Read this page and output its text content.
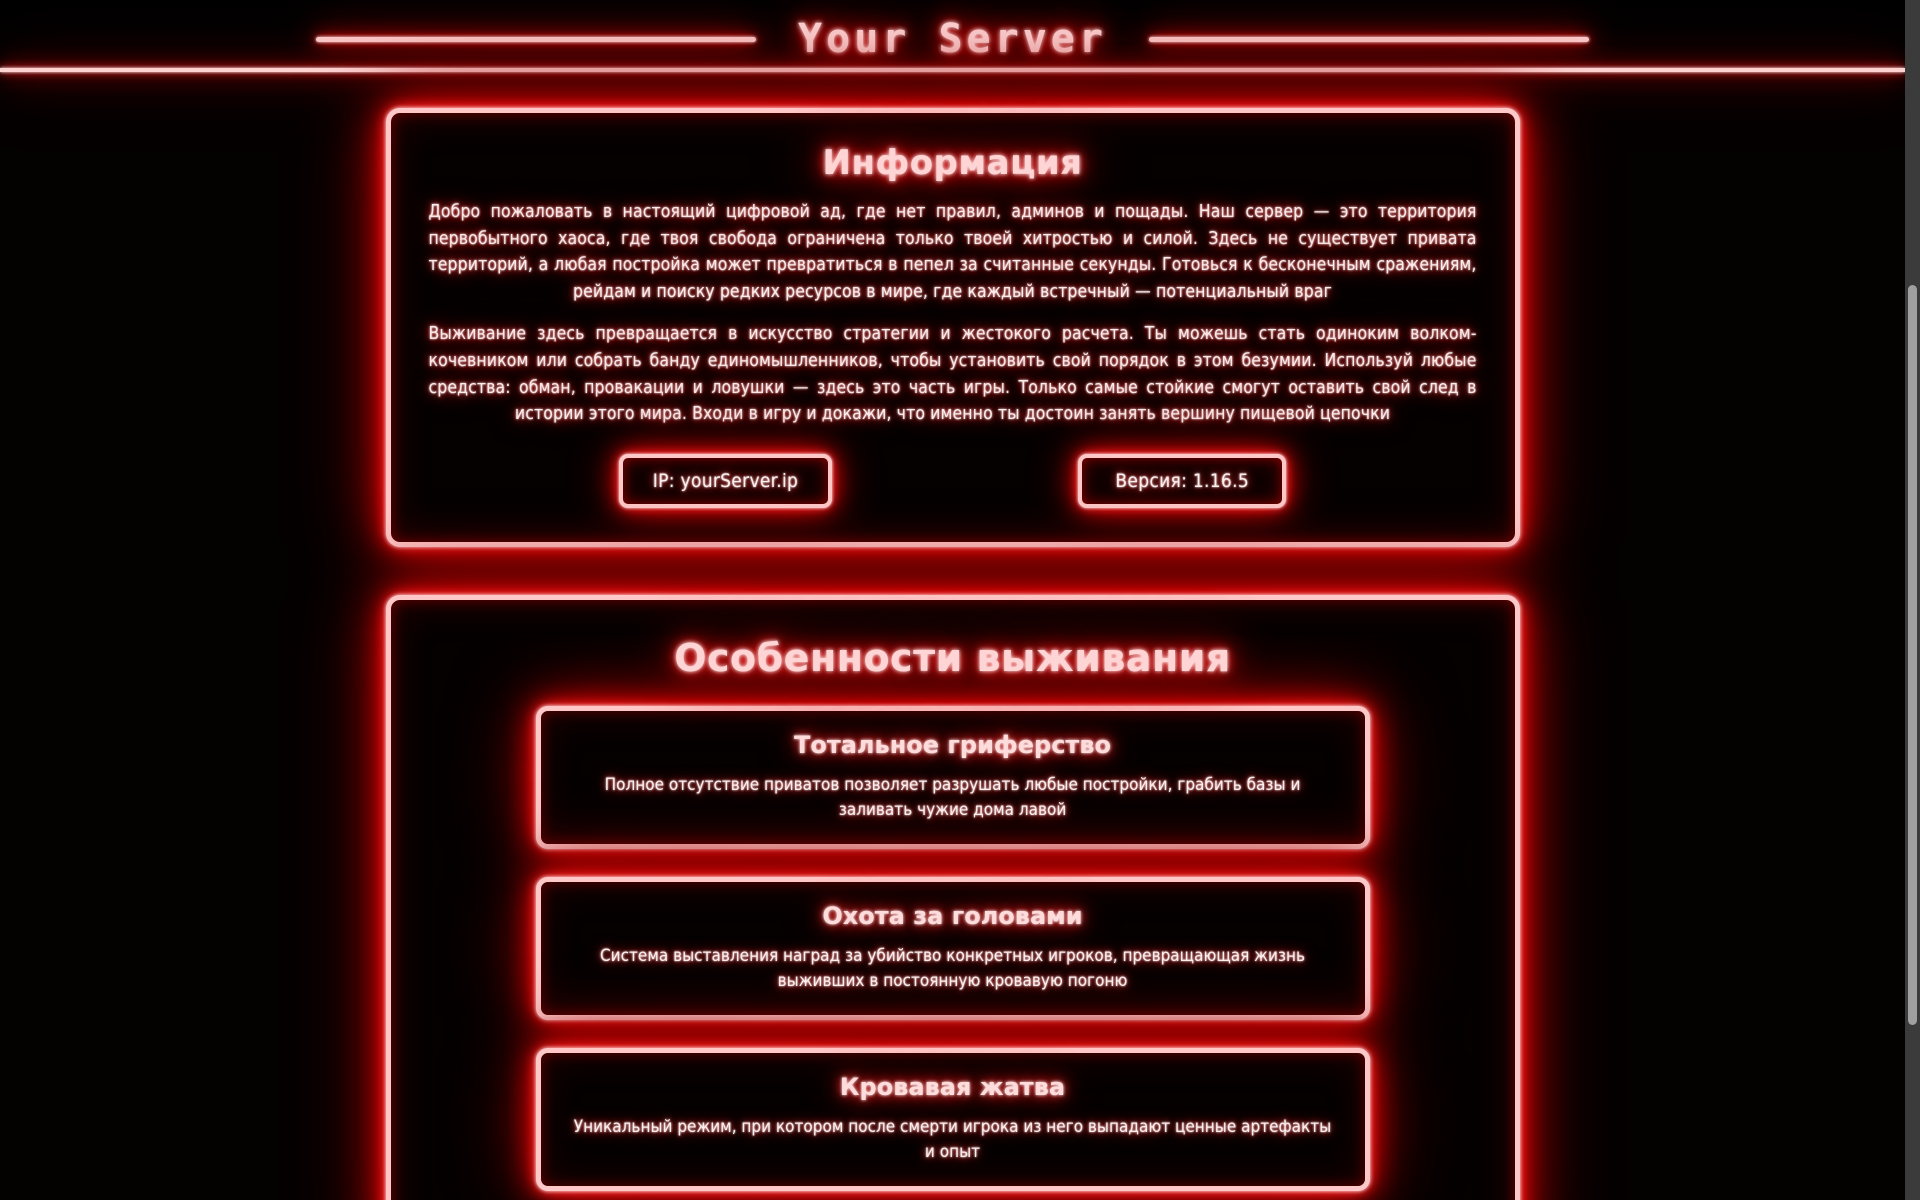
Your Server
Информация

Добро пожаловать в настоящий цифровой ад, где нет правил, админов и пощады. Наш сервер — это территория первобытного хаоса, где твоя свобода ограничена только твоей хитростью и силой. Здесь не существует привата территорий, а любая постройка может превратиться в пепел за считанные секунды. Готовься к бесконечным сражениям, рейдам и поиску редких ресурсов в мире, где каждый встречный — потенциальный враг

Выживание здесь превращается в искусство стратегии и жестокого расчета. Ты можешь стать одиноким волком-кочевником или собрать банду единомышленников, чтобы установить свой порядок в этом безумии. Используй любые средства: обман, провакации и ловушки — здесь это часть игры. Только самые стойкие смогут оставить свой след в истории этого мира. Входи в игру и докажи, что именно ты достоин занять вершину пищевой цепочки

IP: yourServer.ip	Версия: 1.16.5
Особенности выживания
Тотальное гриферство

Полное отсутствие приватов позволяет разрушать любые постройки, грабить базы и заливать чужие дома лавой

Охота за головами

Система выставления наград за убийство конкретных игроков, превращающая жизнь выживших в постоянную кровавую погоню

Кровавая жатва

Уникальный режим, при котором после смерти игрока из него выпадают ценные артефакты и опыт
